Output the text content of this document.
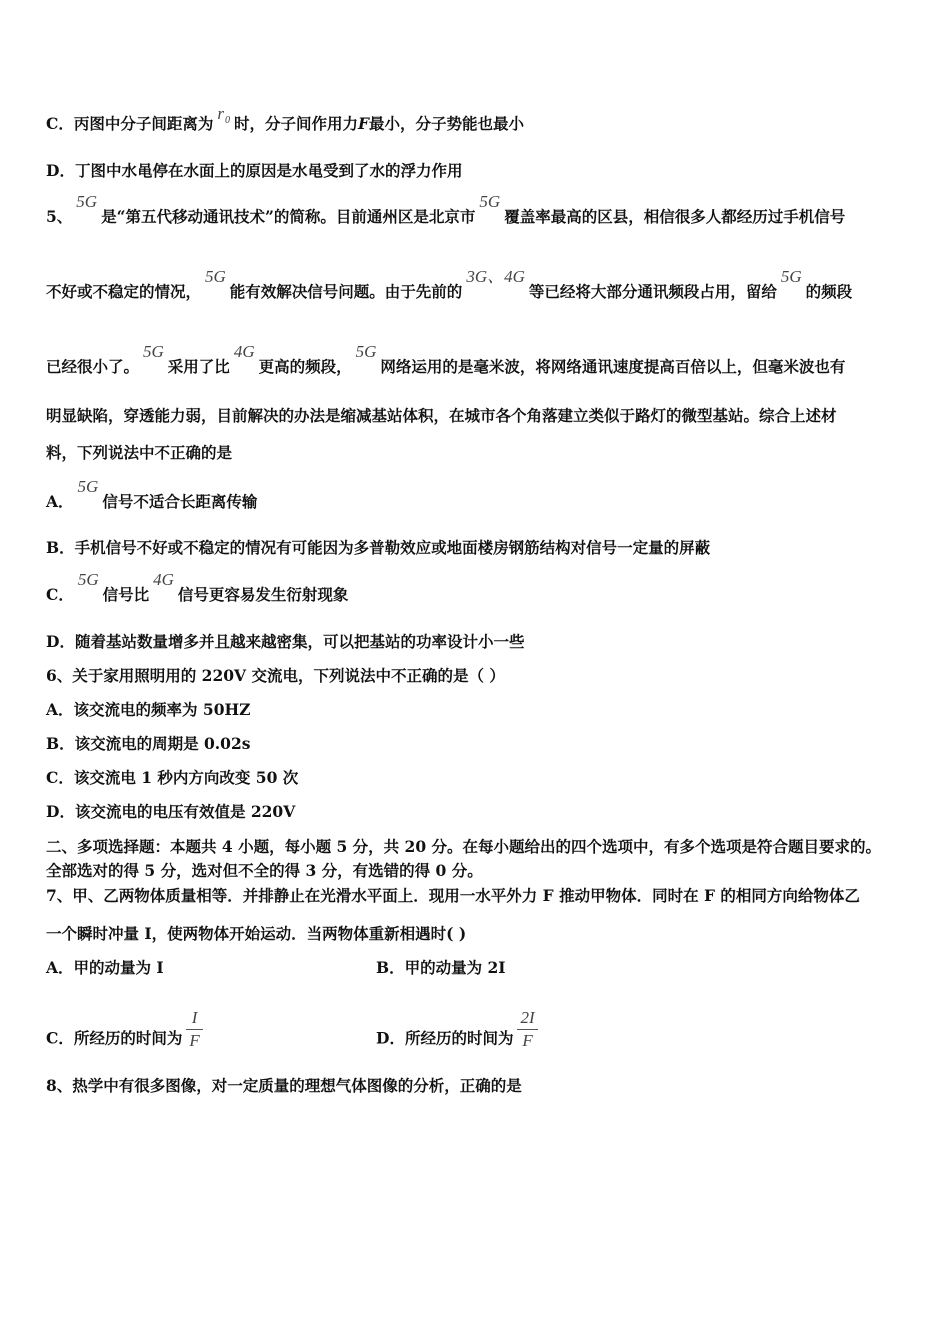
C．丙图中分子间距离为$r_0$ 时，分子间作用力F最小，分子势能也最小
D．丁图中水黾停在水面上的原因是水黾受到了水的浮力作用
5、5G是“第五代移动通讯技术”的简称。目前通州区是北京市5G覆盖率最高的区县，相信很多人都经历过手机信号
不好或不稳定的情况，5G能有效解决信号问题。由于先前的3G、4G等已经将大部分通讯频段占用，留给5G的频段
已经很小了。5G采用了比4G更高的频段，5G网络运用的是毫米波，将网络通讯速度提高百倍以上，但毫米波也有
明显缺陷，穿透能力弱，目前解决的办法是缩减基站体积，在城市各个角落建立类似于路灯的微型基站。综合上述材
料，下列说法中不正确的是
A．5G信号不适合长距离传输
B．手机信号不好或不稳定的情况有可能因为多普勒效应或地面楼房钢筋结构对信号一定量的屏蔽
C．5G信号比4G信号更容易发生衍射现象
D．随着基站数量增多并且越来越密集，可以把基站的功率设计小一些
6、关于家用照明用的 220V 交流电，下列说法中不正确的是（ ）
A．该交流电的频率为 50HZ
B．该交流电的周期是 0.02s
C．该交流电 1 秒内方向改变 50 次
D．该交流电的电压有效值是 220V
二、多项选择题：本题共 4 小题，每小题 5 分，共 20 分。在每小题给出的四个选项中，有多个选项是符合题目要求的。
全部选对的得 5 分，选对但不全的得 3 分，有选错的得 0 分。
7、甲、乙两物体质量相等．并排静止在光滑水平面上．现用一水平外力 F 推动甲物体．同时在 F 的相同方向给物体乙
一个瞬时冲量 I，使两物体开始运动．当两物体重新相遇时( )
A．甲的动量为 I	B．甲的动量为 2I
C．所经历的时间为 $\frac{I}{F}$	D．所经历的时间为 $\frac{2I}{F}$
8、热学中有很多图像，对一定质量的理想气体图像的分析，正确的是
